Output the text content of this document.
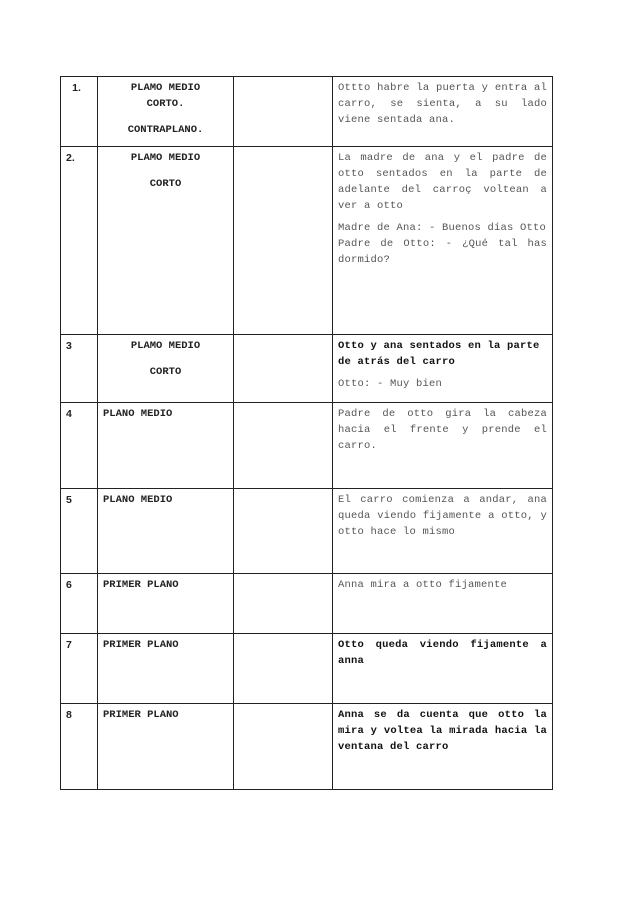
1.	PLAMO MEDIO
CORTO.
CONTRAPLANO.		Ottto habre la puerta y entra al carro, se sienta, a su lado viene sentada ana.

2.	PLAMO MEDIO
CORTO		La madre de ana y el padre de otto sentados en la parte de adelante del carroç voltean a ver a otto
Madre de Ana: - Buenos días Otto
Padre de Otto: - ¿Qué tal has dormido?

3	PLAMO MEDIO
CORTO		Otto y ana sentados en la parte de atrás del carro
Otto: - Muy bien

4	PLANO MEDIO		Padre de otto gira la cabeza hacia el frente y prende el carro.

5	PLANO MEDIO		El carro comienza a andar, ana queda viendo fijamente a otto, y otto hace lo mismo

6	PRIMER PLANO		Anna mira a otto fijamente

7	PRIMER PLANO		Otto queda viendo fijamente a anna

8	PRIMER PLANO		Anna se da cuenta que otto la mira y voltea la mirada hacia la ventana del carro
